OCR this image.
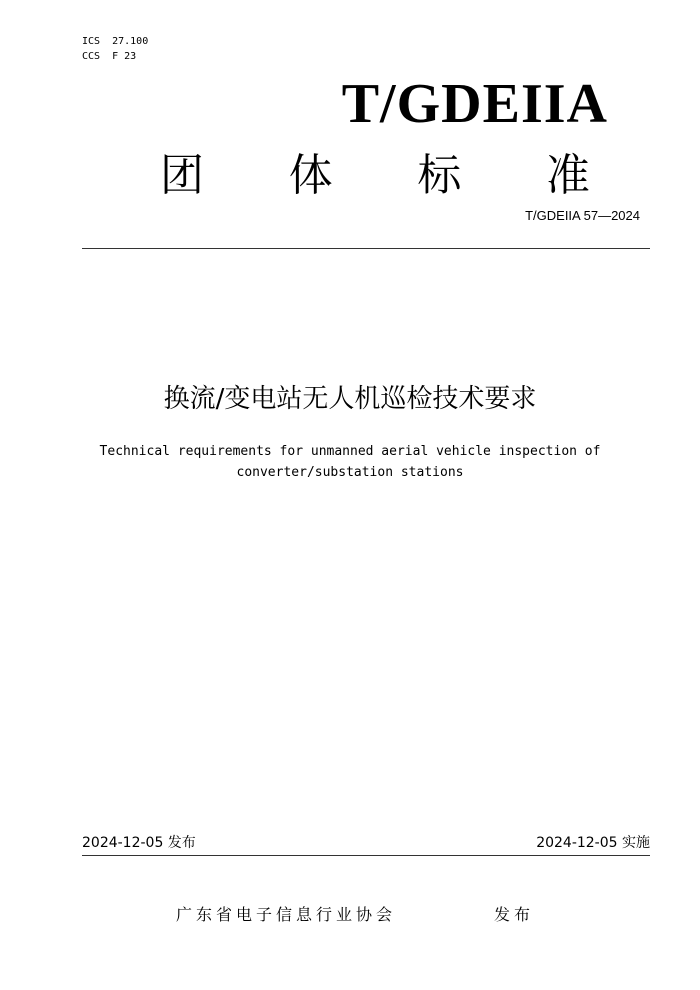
ICS  27.100
CCS  F 23
T/GDEIIA
团 体 标 准
T/GDEIIA 57—2024
换流/变电站无人机巡检技术要求
Technical requirements for unmanned aerial vehicle inspection of
converter/substation stations
2024-12-05 发布	2024-12-05 实施
广东省电子信息行业协会	发布
